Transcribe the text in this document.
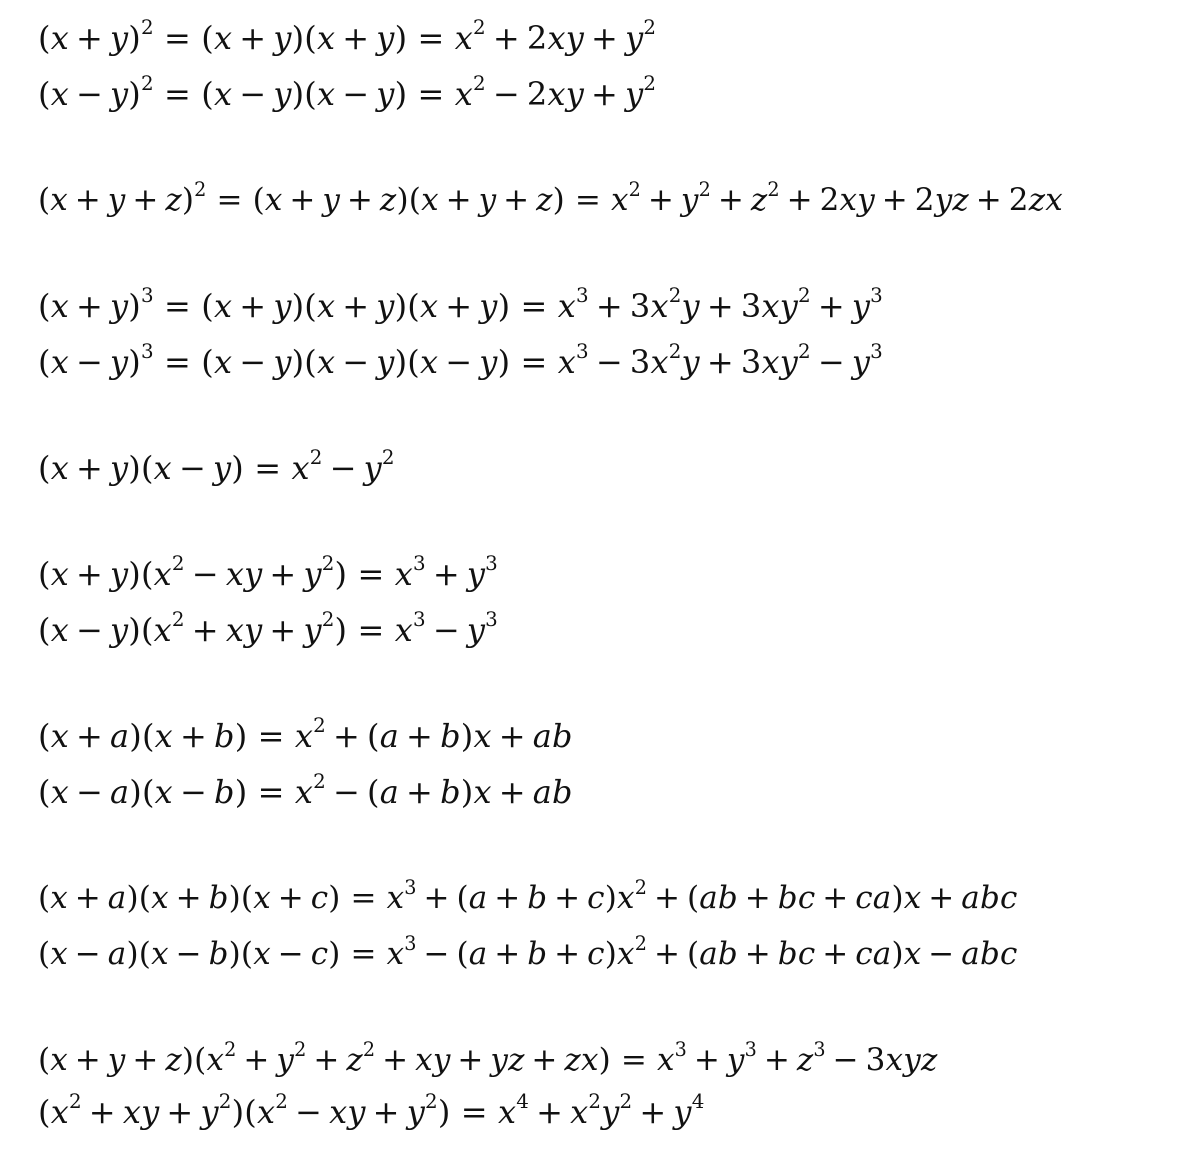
$(x + y)^2 = (x + y)(x + y) = x^2 + 2xy + y^2$
$(x - y)^2 = (x - y)(x - y) = x^2 - 2xy + y^2$
$(x + y + z)^2 = (x + y + z)(x + y + z) = x^2 + y^2 + z^2 + 2xy + 2yz + 2zx$
$(x + y)^3 = (x + y)(x + y)(x + y) = x^3 + 3x^2y + 3xy^2 + y^3$
$(x - y)^3 = (x - y)(x - y)(x - y) = x^3 - 3x^2y + 3xy^2 - y^3$
$(x + y)(x - y) = x^2 - y^2$
$(x + y)(x^2$ − xy + $y^2) = x^3 + y^3$
$(x - y)(x^2$ + xy + $y^2) = x^3 - y^3$
$(x + a)(x + b) = x^2 + (a + b)x$ + ab
$(x - a)(x - b) = x^2 - (a + b)x$ + ab
$(x + a)(x + b)(x + c) = x^3 + (a + b + c)x^2 + (ab$ + bc + ca)x + abc
$(x - a)(x - b)(x - c) = x^3 - (a + b + c)x^2 + (ab$ + bc + ca)x − abc
$(x + y + z)(x^2 + y^2 + z^2$ + xy + yz + $zx) = x^3 + y^3 + z^3 - 3xyz$
($x^2$ + xy + $y^2)(x^2$ − xy + $y^2) = x^4 + x^2y^2 + y^4$
